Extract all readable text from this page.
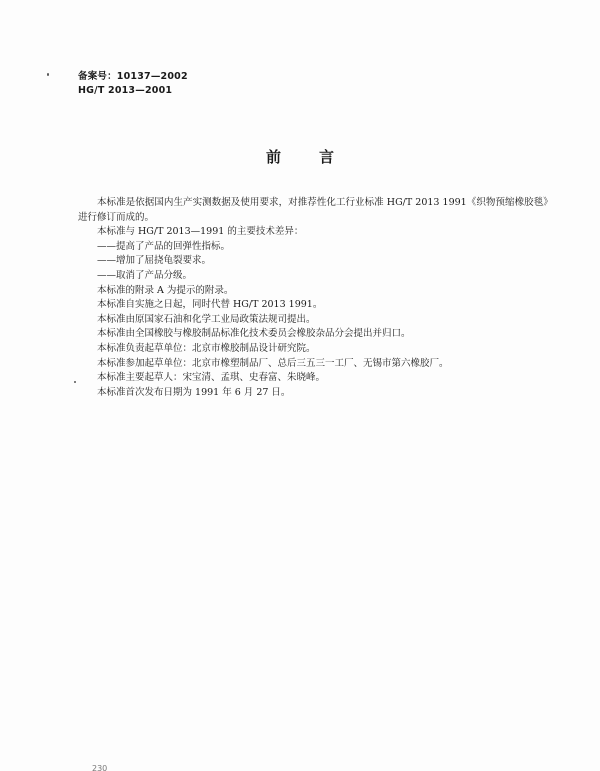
备案号：10137—2002
HG/T 2013—2001
前言

本标准是依据国内生产实测数据及使用要求，对推荐性化工行业标准 HG/T 2013 1991《织物预缩橡胶毯》进行修订而成的。

本标准与 HG/T 2013—1991 的主要技术差异：

——提高了产品的回弹性指标。

——增加了屈挠龟裂要求。

——取消了产品分级。

本标准的附录 A 为提示的附录。

本标准自实施之日起，同时代替 HG/T 2013 1991。

本标准由原国家石油和化学工业局政策法规司提出。

本标准由全国橡胶与橡胶制品标准化技术委员会橡胶杂品分会提出并归口。

本标准负责起草单位：北京市橡胶制品设计研究院。

本标准参加起草单位：北京市橡塑制品厂、总后三五三一工厂、无锡市第六橡胶厂。

本标准主要起草人：宋宝清、孟琪、史春富、朱晓峰。

本标准首次发布日期为 1991 年 6 月 27 日。

230
